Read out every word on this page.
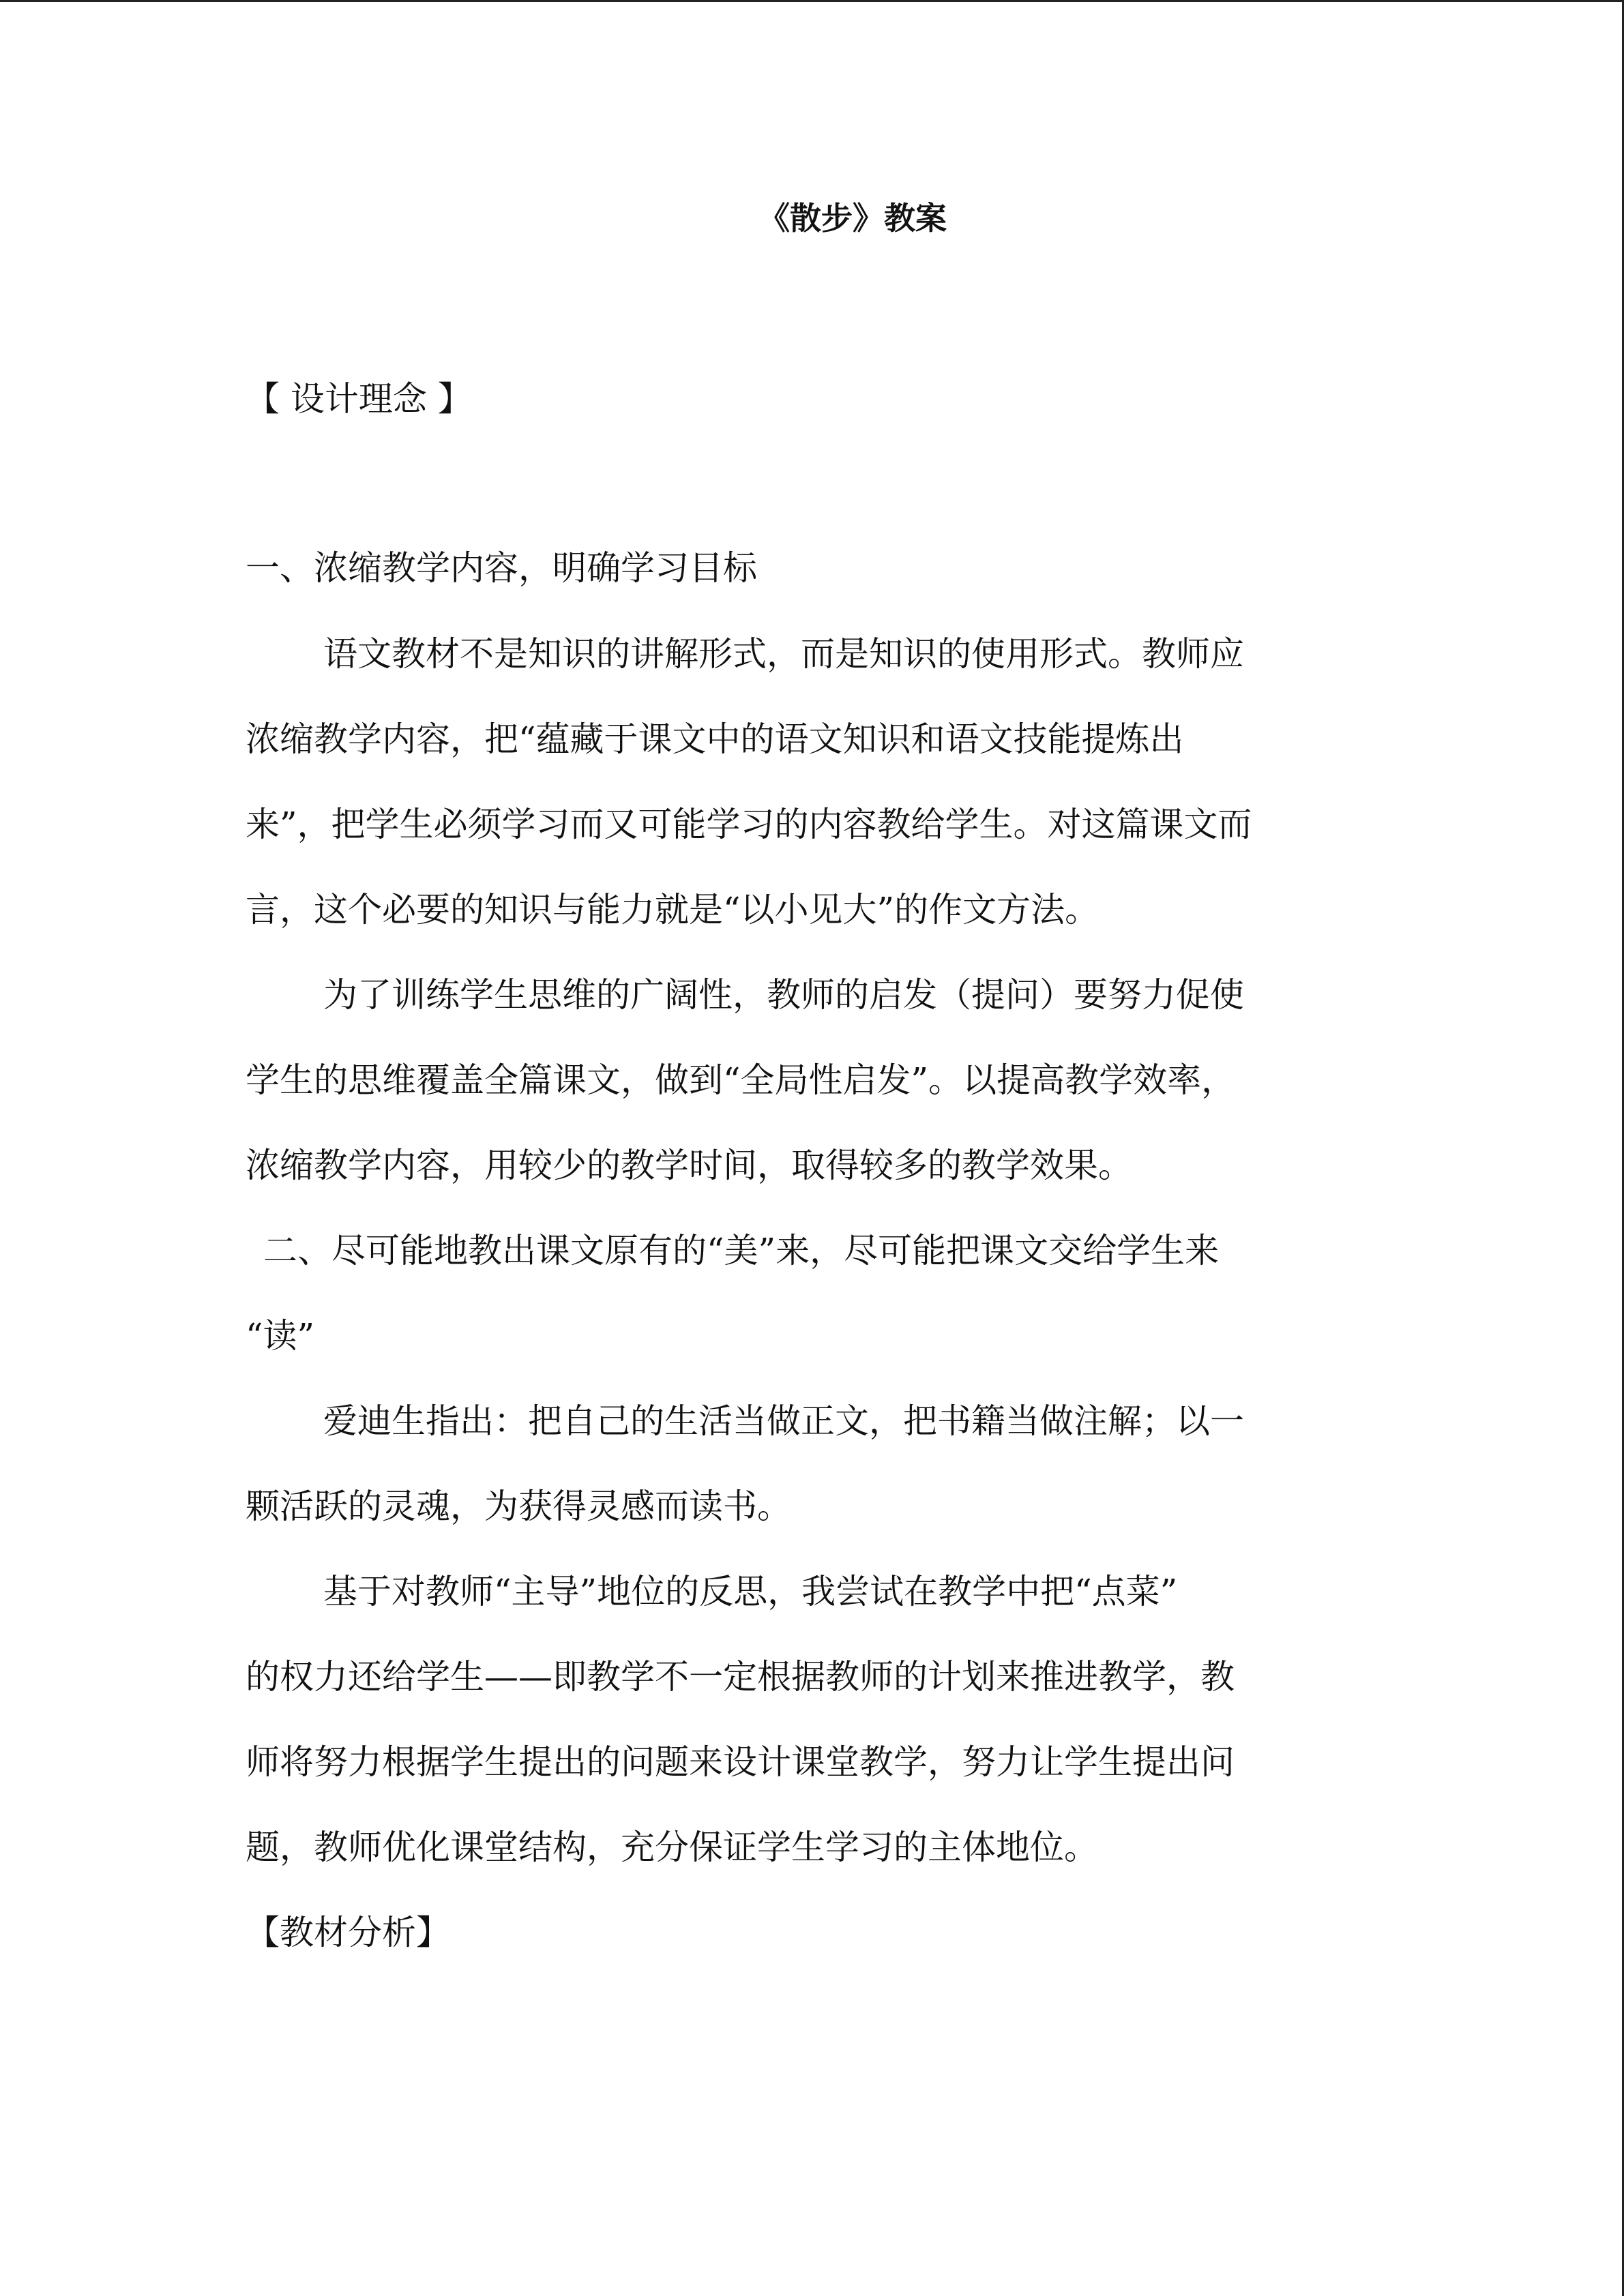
《散步》教案
【 设计理念 】
一、浓缩教学内容，明确学习目标
语文教材不是知识的讲解形式，而是知识的使用形式。教师应
浓缩教学内容，把“蕴藏于课文中的语文知识和语文技能提炼出
来”，把学生必须学习而又可能学习的内容教给学生。对这篇课文而
言，这个必要的知识与能力就是“以小见大”的作文方法。
为了训练学生思维的广阔性，教师的启发（提问）要努力促使
学生的思维覆盖全篇课文，做到“全局性启发”。以提高教学效率，
浓缩教学内容，用较少的教学时间，取得较多的教学效果。
二、尽可能地教出课文原有的“美”来，尽可能把课文交给学生来
“读”
爱迪生指出：把自己的生活当做正文，把书籍当做注解；以一
颗活跃的灵魂，为获得灵感而读书。
基于对教师“主导”地位的反思，我尝试在教学中把“点菜”
的权力还给学生——即教学不一定根据教师的计划来推进教学，教
师将努力根据学生提出的问题来设计课堂教学，努力让学生提出问
题，教师优化课堂结构，充分保证学生学习的主体地位。
【教材分析】
